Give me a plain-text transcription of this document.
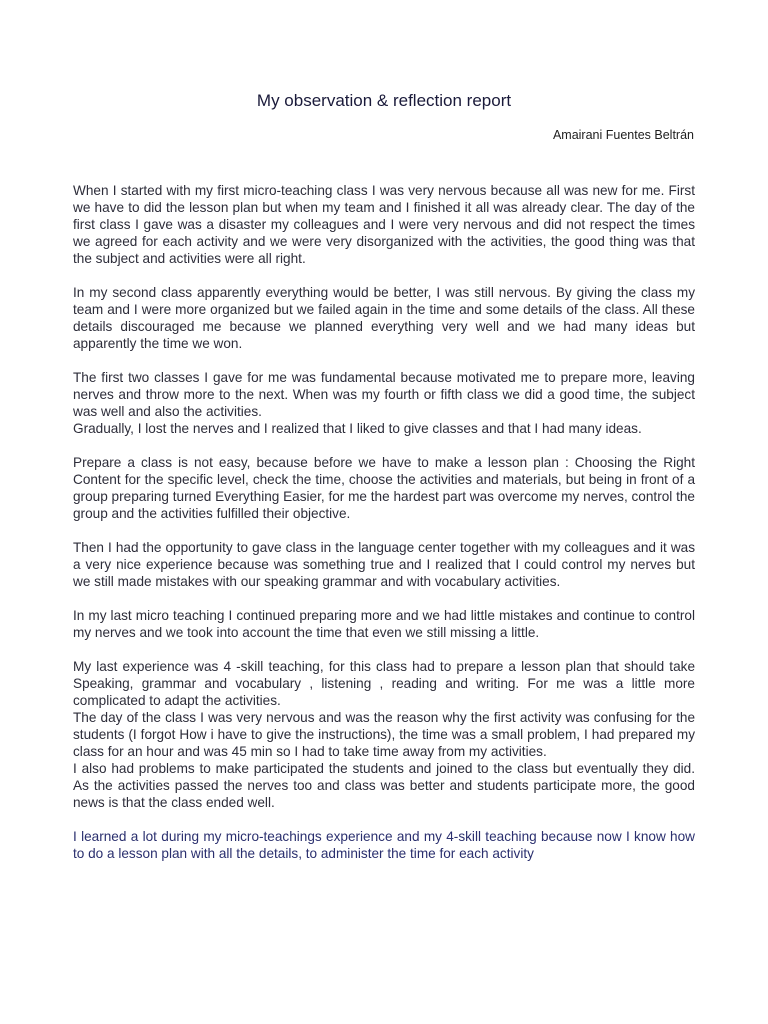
My observation & reflection report
Amairani Fuentes Beltrán

When I started with my first micro-teaching class I was very nervous because all was new for me. First we have to did the lesson plan but when my team and I finished it all was already clear. The day of the first class I gave was a disaster my colleagues and I were very nervous and did not respect the times we agreed for each activity and we were very disorganized with the activities, the good thing was that the subject and activities were all right.

In my second class apparently everything would be better, I was still nervous. By giving the class my team and I were more organized but we failed again in the time and some details of the class. All these details discouraged me because we planned everything very well and we had many ideas but apparently the time we won.

The first two classes I gave for me was fundamental because motivated me to prepare more, leaving nerves and throw more to the next. When was my fourth or fifth class we did a good time, the subject was well and also the activities.

Gradually, I lost the nerves and I realized that I liked to give classes and that I had many ideas.

Prepare a class is not easy, because before we have to make a lesson plan : Choosing the Right Content for the specific level, check the time, choose the activities and materials, but being in front of a group preparing turned Everything Easier, for me the hardest part was overcome my nerves, control the group and the activities fulfilled their objective.

Then I had the opportunity to gave class in the language center together with my colleagues and it was a very nice experience because was something true and I realized that I could control my nerves but we still made mistakes with our speaking grammar and with vocabulary activities.

In my last micro teaching I continued preparing more and we had little mistakes and continue to control my nerves and we took into account the time that even we still missing a little.

My last experience was 4 -skill teaching, for this class had to prepare a lesson plan that should take Speaking, grammar and vocabulary , listening , reading and writing. For me was a little more complicated to adapt the activities.

The day of the class I was very nervous and was the reason why the first activity was confusing for the students (I forgot How i have to give the instructions), the time was a small problem, I had prepared my class for an hour and was 45 min so I had to take time away from my activities.

I also had problems to make participated the students and joined to the class but eventually they did. As the activities passed the nerves too and class was better and students participate more, the good news is that the class ended well.

I learned a lot during my micro-teachings experience and my 4-skill teaching because now I know how to do a lesson plan with all the details, to administer the time for each activity
